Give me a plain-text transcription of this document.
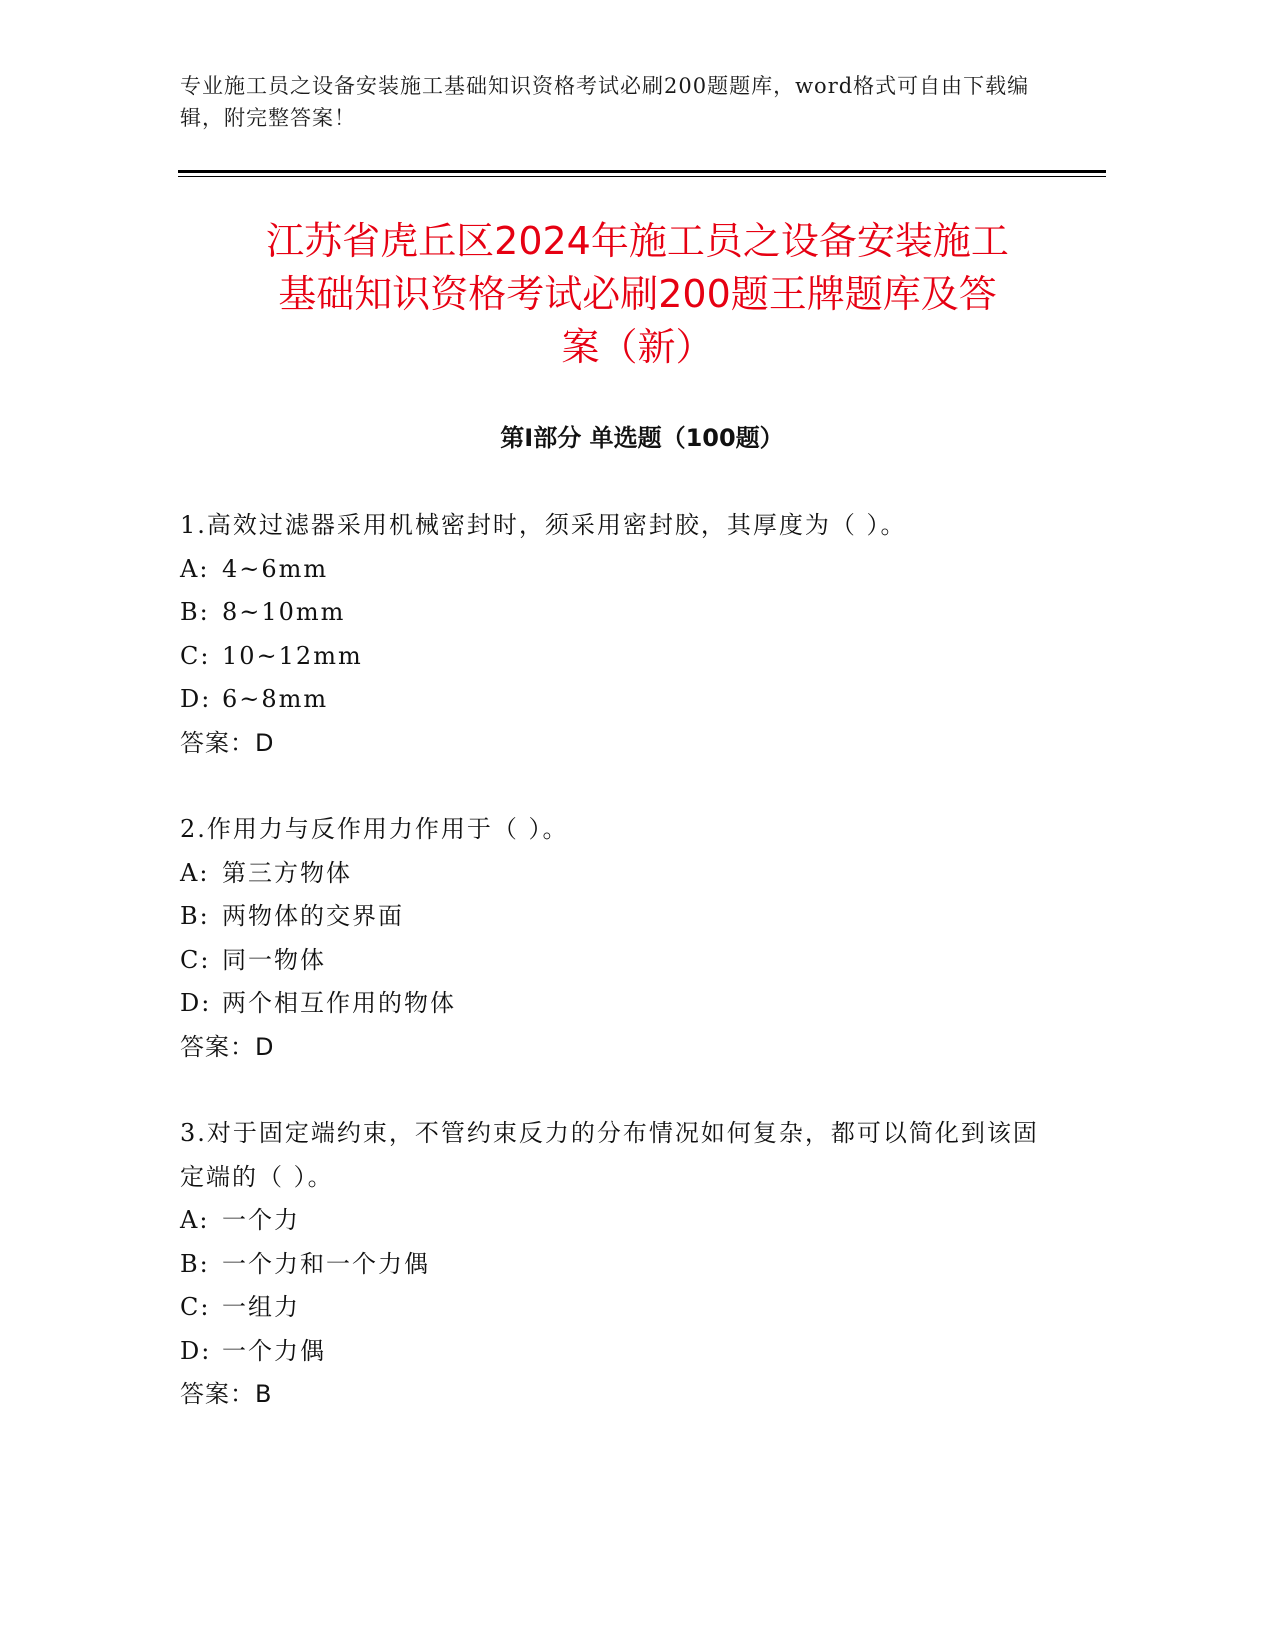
专业施工员之设备安装施工基础知识资格考试必刷200题题库，word格式可自由下载编辑，附完整答案！
江苏省虎丘区2024年施工员之设备安装施工
基础知识资格考试必刷200题王牌题库及答
案（新）
第Ⅰ部分 单选题（100题）

1.高效过滤器采用机械密封时，须采用密封胶，其厚度为（ ）。

A: 4~6mm

B: 8~10mm

C: 10~12mm

D: 6~8mm

答案：D

2.作用力与反作用力作用于（ ）。

A: 第三方物体

B: 两物体的交界面

C: 同一物体

D: 两个相互作用的物体

答案：D

3.对于固定端约束，不管约束反力的分布情况如何复杂，都可以简化到该固定端的（ ）。

A: 一个力

B: 一个力和一个力偶

C: 一组力

D: 一个力偶

答案：B
